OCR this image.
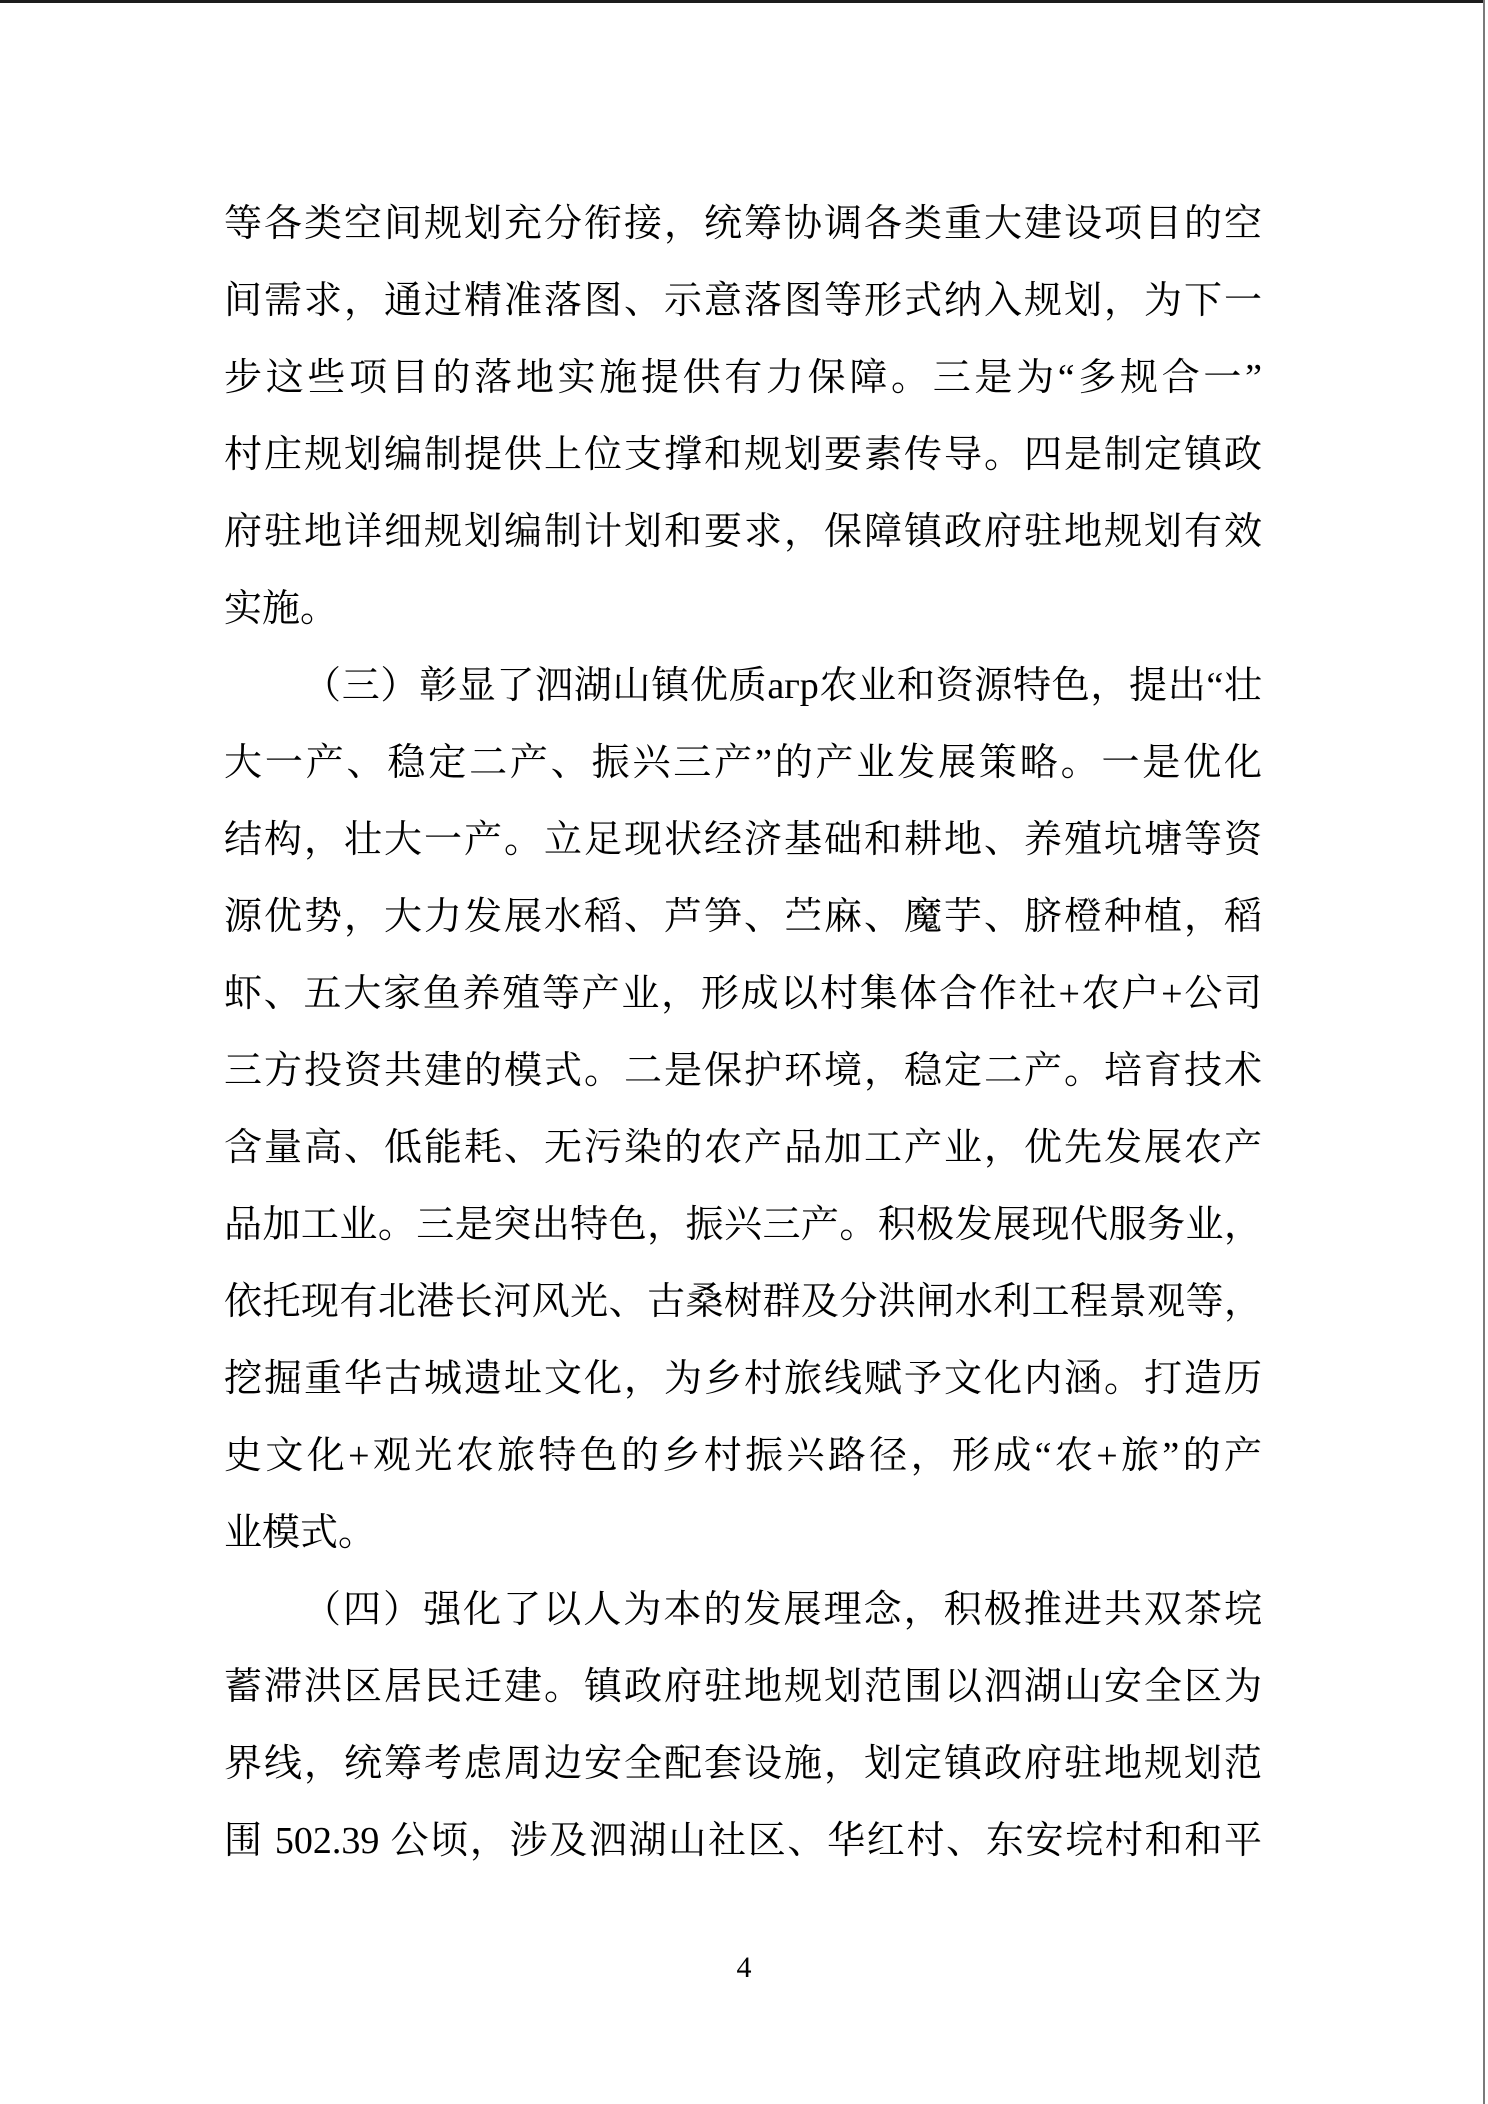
等各类空间规划充分衔接，统筹协调各类重大建设项目的空
间需求，通过精准落图、示意落图等形式纳入规划，为下一
步这些项目的落地实施提供有力保障。三是为“多规合一”
村庄规划编制提供上位支撑和规划要素传导。四是制定镇政
府驻地详细规划编制计划和要求，保障镇政府驻地规划有效
实施。
（三）彰显了泗湖山镇优质агр农业和资源特色，提出“壮
大一产、稳定二产、振兴三产”的产业发展策略。一是优化
结构，壮大一产。立足现状经济基础和耕地、养殖坑塘等资
源优势，大力发展水稻、芦笋、苎麻、魔芋、脐橙种植，稻
虾、五大家鱼养殖等产业，形成以村集体合作社+农户+公司
三方投资共建的模式。二是保护环境，稳定二产。培育技术
含量高、低能耗、无污染的农产品加工产业，优先发展农产
品加工业。三是突出特色，振兴三产。积极发展现代服务业，
依托现有北港长河风光、古桑树群及分洪闸水利工程景观等，
挖掘重华古城遗址文化，为乡村旅线赋予文化内涵。打造历
史文化+观光农旅特色的乡村振兴路径，形成“农+旅”的产
业模式。
（四）强化了以人为本的发展理念，积极推进共双茶垸
蓄滞洪区居民迁建。镇政府驻地规划范围以泗湖山安全区为
界线，统筹考虑周边安全配套设施，划定镇政府驻地规划范
围 502.39 公顷，涉及泗湖山社区、华红村、东安垸村和和平
4
